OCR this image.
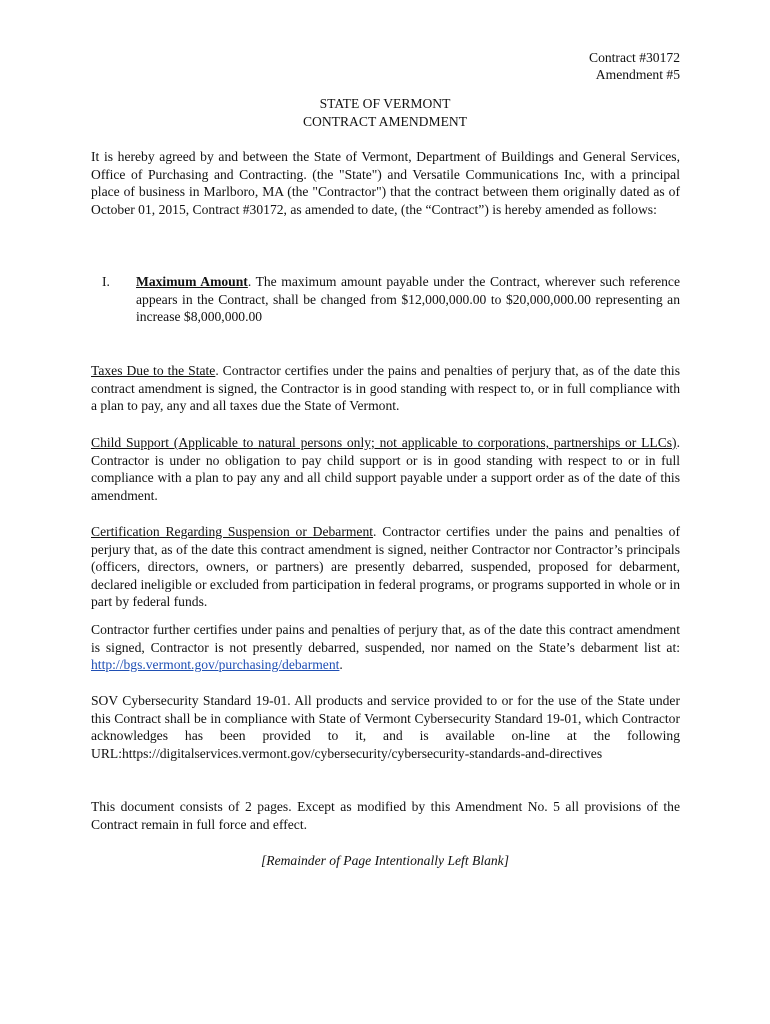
Contract #30172
Amendment #5
STATE OF VERMONT
CONTRACT AMENDMENT

It is hereby agreed by and between the State of Vermont, Department of Buildings and General Services, Office of Purchasing and Contracting. (the "State") and Versatile Communications Inc, with a principal place of business in Marlboro, MA (the "Contractor") that the contract between them originally dated as of October 01, 2015, Contract #30172, as amended to date, (the “Contract”) is hereby amended as follows:

I. Maximum Amount. The maximum amount payable under the Contract, wherever such reference appears in the Contract, shall be changed from $12,000,000.00 to $20,000,000.00 representing an increase $8,000,000.00

Taxes Due to the State. Contractor certifies under the pains and penalties of perjury that, as of the date this contract amendment is signed, the Contractor is in good standing with respect to, or in full compliance with a plan to pay, any and all taxes due the State of Vermont.

Child Support (Applicable to natural persons only; not applicable to corporations, partnerships or LLCs). Contractor is under no obligation to pay child support or is in good standing with respect to or in full compliance with a plan to pay any and all child support payable under a support order as of the date of this amendment.

Certification Regarding Suspension or Debarment. Contractor certifies under the pains and penalties of perjury that, as of the date this contract amendment is signed, neither Contractor nor Contractor’s principals (officers, directors, owners, or partners) are presently debarred, suspended, proposed for debarment, declared ineligible or excluded from participation in federal programs, or programs supported in whole or in part by federal funds.

Contractor further certifies under pains and penalties of perjury that, as of the date this contract amendment is signed, Contractor is not presently debarred, suspended, nor named on the State’s debarment list at: http://bgs.vermont.gov/purchasing/debarment.

SOV Cybersecurity Standard 19-01. All products and service provided to or for the use of the State under this Contract shall be in compliance with State of Vermont Cybersecurity Standard 19-01, which Contractor acknowledges has been provided to it, and is available on-line at the following URL:https://digitalservices.vermont.gov/cybersecurity/cybersecurity-standards-and-directives

This document consists of 2 pages. Except as modified by this Amendment No. 5 all provisions of the Contract remain in full force and effect.

[Remainder of Page Intentionally Left Blank]
